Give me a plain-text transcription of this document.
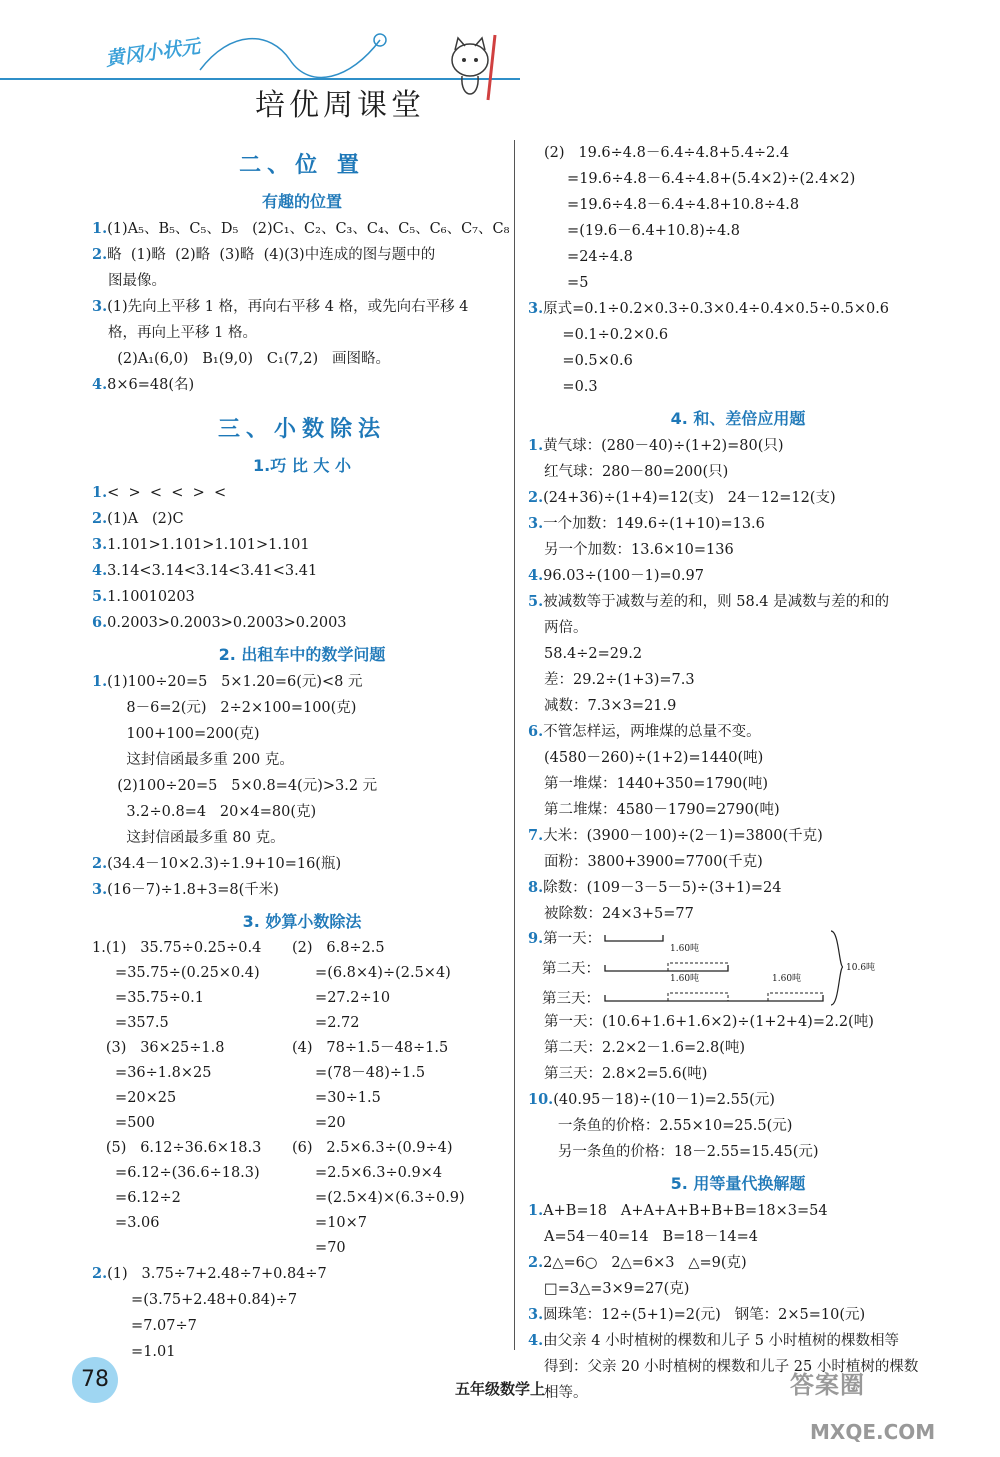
黄冈小状元
培优周课堂
二、位 置
有趣的位置
1.(1)A₅、B₅、C₅、D₅   (2)C₁、C₂、C₃、C₄、C₅、C₆、C₇、C₈
2.略  (1)略  (2)略  (3)略  (4)(3)中连成的图与题中的
图最像。
3.(1)先向上平移 1 格，再向右平移 4 格，或先向右平移 4
格，再向上平移 1 格。
(2)A₁(6,0)   B₁(9,0)   C₁(7,2)   画图略。
4.8×6=48(名)
三、小数除法
1.巧 比 大 小
1.<  >  <  <  >  <
2.(1)A   (2)C
3.1.101>1.101>1.101>1.101
4.3.14<3.14<3.14<3.41<3.41
5.1.10010203
6.0.2003>0.2003>0.2003>0.2003
2. 出租车中的数学问题
1.(1)100÷20=5   5×1.20=6(元)<8 元
8－6=2(元)   2÷2×100=100(克)
100+100=200(克)
这封信函最多重 200 克。
(2)100÷20=5   5×0.8=4(元)>3.2 元
3.2÷0.8=4   20×4=80(克)
这封信函最多重 80 克。
2.(34.4－10×2.3)÷1.9+10=16(瓶)
3.(16－7)÷1.8+3=8(千米)
3. 妙算小数除法
1.(1)   35.75÷0.25÷0.4	(2)   6.8÷2.5
=35.75÷(0.25×0.4)	=(6.8×4)÷(2.5×4)
=35.75÷0.1	=27.2÷10
=357.5	=2.72
(3)   36×25÷1.8	(4)   78÷1.5－48÷1.5
=36÷1.8×25	=(78－48)÷1.5
=20×25	=30÷1.5
=500	=20
(5)   6.12÷36.6×18.3	(6)   2.5×6.3÷(0.9÷4)
=6.12÷(36.6÷18.3)	=2.5×6.3÷0.9×4
=6.12÷2	=(2.5×4)×(6.3÷0.9)
=3.06	=10×7
=70
2.(1)   3.75÷7+2.48÷7+0.84÷7
=(3.75+2.48+0.84)÷7
=7.07÷7
=1.01
(2)   19.6÷4.8－6.4÷4.8+5.4÷2.4
=19.6÷4.8－6.4÷4.8+(5.4×2)÷(2.4×2)
=19.6÷4.8－6.4÷4.8+10.8÷4.8
=(19.6－6.4+10.8)÷4.8
=24÷4.8
=5
3.原式=0.1÷0.2×0.3÷0.3×0.4÷0.4×0.5÷0.5×0.6
=0.1÷0.2×0.6
=0.5×0.6
=0.3
4. 和、差倍应用题
1.黄气球：(280－40)÷(1+2)=80(只)
红气球：280－80=200(只)
2.(24+36)÷(1+4)=12(支)   24－12=12(支)
3.一个加数：149.6÷(1+10)=13.6
另一个加数：13.6×10=136
4.96.03÷(100－1)=0.97
5.被减数等于减数与差的和，则 58.4 是减数与差的和的
两倍。
58.4÷2=29.2
差：29.2÷(1+3)=7.3
减数：7.3×3=21.9
6.不管怎样运，两堆煤的总量不变。
(4580－260)÷(1+2)=1440(吨)
第一堆煤：1440+350=1790(吨)
第二堆煤：4580－1790=2790(吨)
7.大米：(3900－100)÷(2－1)=3800(千克)
面粉：3800+3900=7700(千克)
8.除数：(109－3－5－5)÷(3+1)=24
被除数：24×3+5=77
9.第一天：
第二天：
第三天：
1.60吨
1.60吨	1.60吨
10.6吨
第一天：(10.6+1.6+1.6×2)÷(1+2+4)=2.2(吨)
第二天：2.2×2－1.6=2.8(吨)
第三天：2.8×2=5.6(吨)
10.(40.95－18)÷(10－1)=2.55(元)
一条鱼的价格：2.55×10=25.5(元)
另一条鱼的价格：18－2.55=15.45(元)
5. 用等量代换解题
1.A+B=18   A+A+A+B+B+B=18×3=54
A=54－40=14   B=18－14=4
2.2△=6○   2△=6×3   △=9(克)
□=3△=3×9=27(克)
3.圆珠笔：12÷(5+1)=2(元)   钢笔：2×5=10(元)
4.由父亲 4 小时植树的棵数和儿子 5 小时植树的棵数相等
得到：父亲 20 小时植树的棵数和儿子 25 小时植树的棵数
相等。
78	五年级数学上	答案圈
MXQE.COM
